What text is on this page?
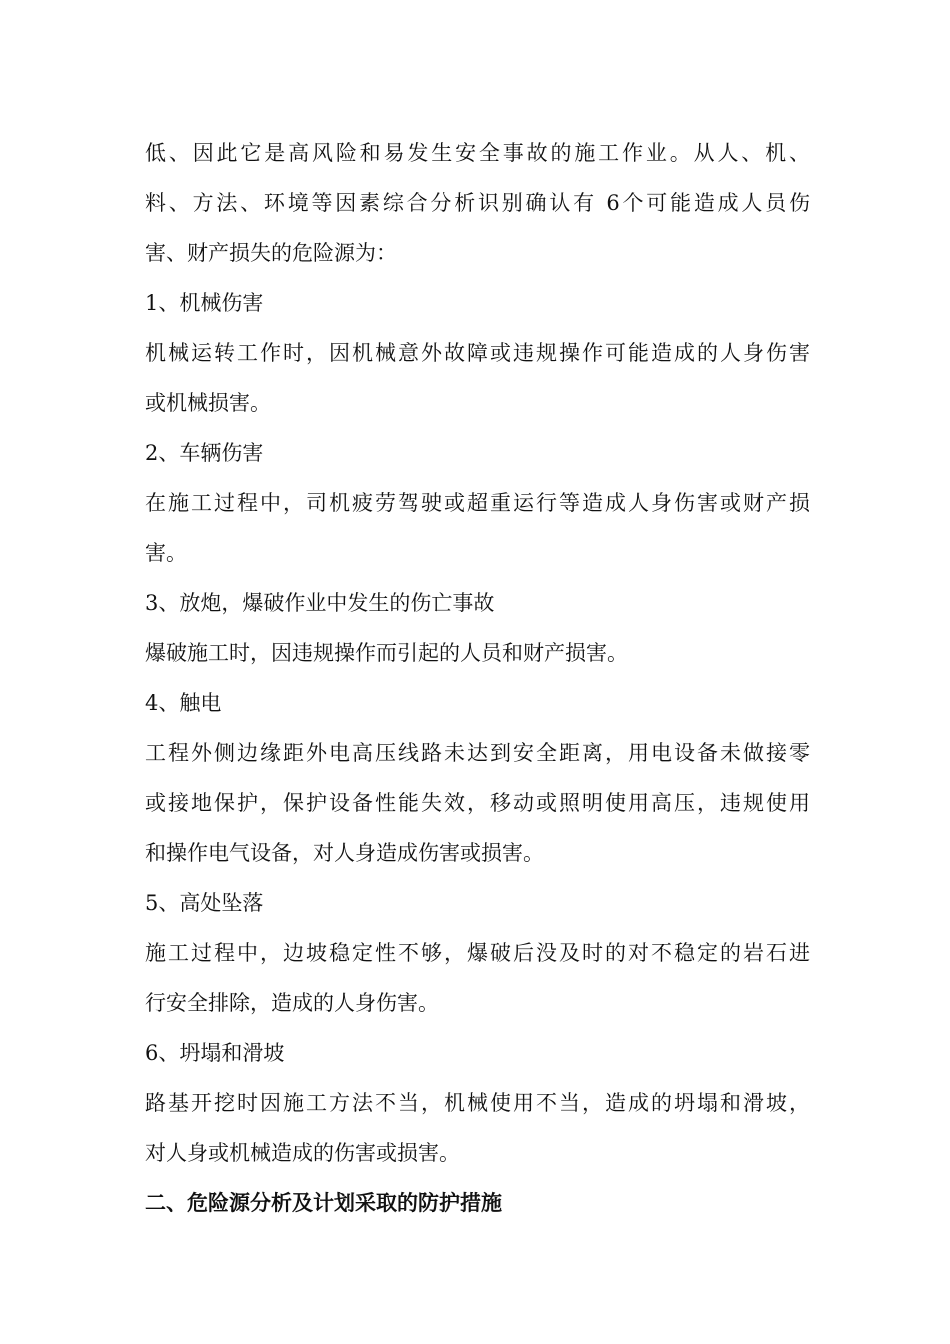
低、因此它是高风险和易发生安全事故的施工作业。从人、机、
料、方法、环境等因素综合分析识别确认有 6个可能造成人员伤
害、财产损失的危险源为：
1、机械伤害
机械运转工作时，因机械意外故障或违规操作可能造成的人身伤害
或机械损害。
2、车辆伤害
在施工过程中，司机疲劳驾驶或超重运行等造成人身伤害或财产损
害。
3、放炮，爆破作业中发生的伤亡事故
爆破施工时，因违规操作而引起的人员和财产损害。
4、触电
工程外侧边缘距外电高压线路未达到安全距离，用电设备未做接零
或接地保护，保护设备性能失效，移动或照明使用高压，违规使用
和操作电气设备，对人身造成伤害或损害。
5、高处坠落
施工过程中，边坡稳定性不够，爆破后没及时的对不稳定的岩石进
行安全排除，造成的人身伤害。
6、坍塌和滑坡
路基开挖时因施工方法不当，机械使用不当，造成的坍塌和滑坡，
对人身或机械造成的伤害或损害。
二、危险源分析及计划采取的防护措施
